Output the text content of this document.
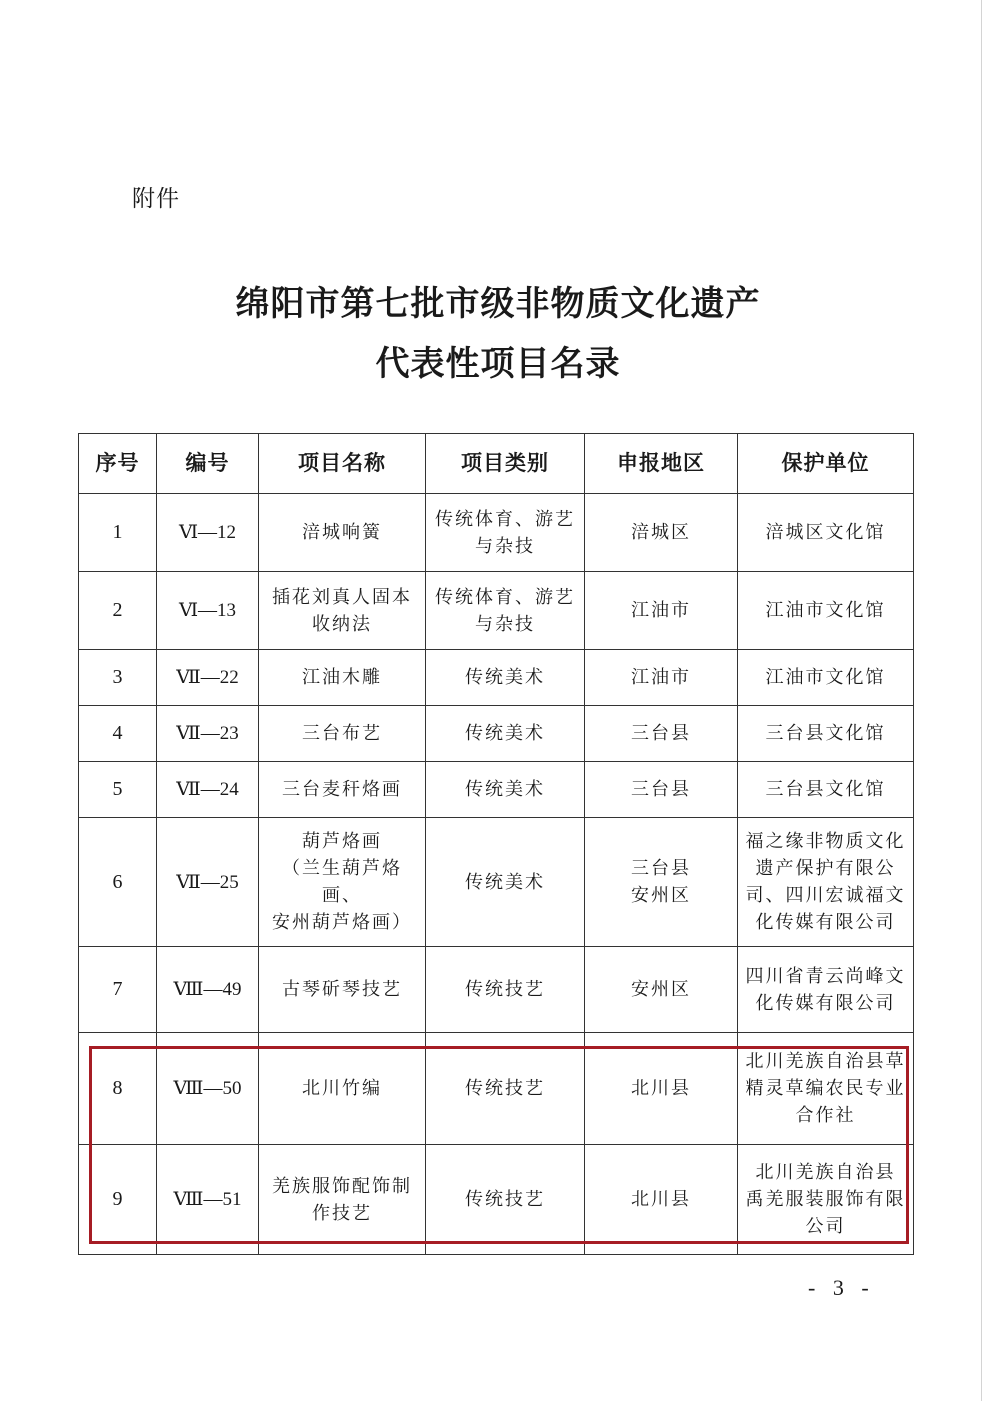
附件
绵阳市第七批市级非物质文化遗产
代表性项目名录
序号	编号	项目名称	项目类别	申报地区	保护单位
1	Ⅵ—12	涪城响簧	传统体育、游艺
与杂技	涪城区	涪城区文化馆

2	Ⅵ—13	插花刘真人固本
收纳法	传统体育、游艺
与杂技	江油市	江油市文化馆

3	Ⅶ—22	江油木雕	传统美术	江油市	江油市文化馆

4	Ⅶ—23	三台布艺	传统美术	三台县	三台县文化馆

5	Ⅶ—24	三台麦秆烙画	传统美术	三台县	三台县文化馆

6	Ⅶ—25	葫芦烙画
（兰生葫芦烙画、
安州葫芦烙画）	传统美术	三台县
安州区	福之缘非物质文化
遗产保护有限公
司、四川宏诚福文
化传媒有限公司

7	Ⅷ—49	古琴斫琴技艺	传统技艺	安州区	四川省青云尚峰文
化传媒有限公司

8	Ⅷ—50	北川竹编	传统技艺	北川县	北川羌族自治县草
精灵草编农民专业
合作社

9	Ⅷ—51	羌族服饰配饰制
作技艺	传统技艺	北川县	北川羌族自治县
禹羌服装服饰有限
公司
- 3 -
